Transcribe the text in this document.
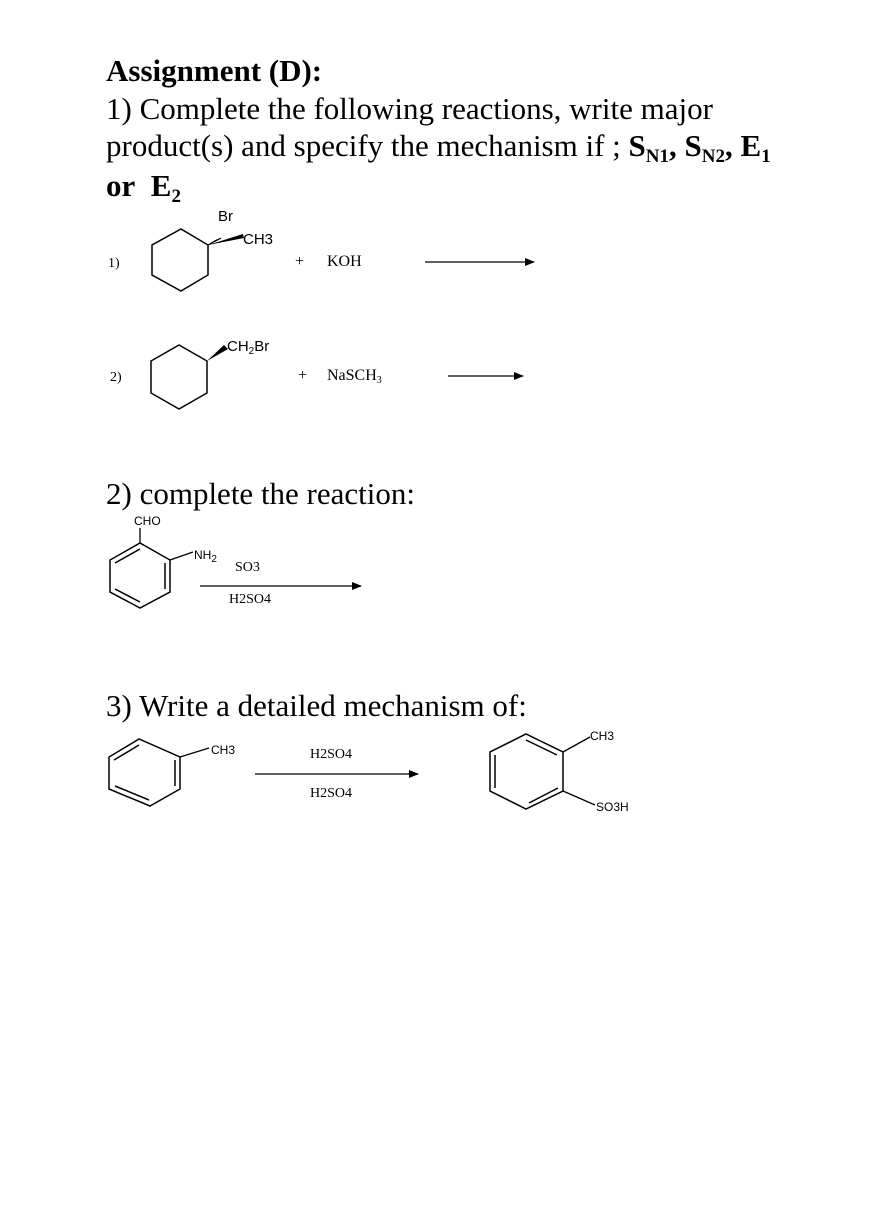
Assignment (D):
1) Complete the following reactions, write major
product(s) and specify the mechanism if ; $S_{N1}$, $S_{N2}$, $E_1$
or $E_2$
1)
Br
CH3
+ KOH
2)
$CH_2Br$
+ NaSCH$_3$
2) complete the reaction:
CHO
$NH_2$
SO3
H2SO4
3) Write a detailed mechanism of:
CH3	H2SO4
H2SO4
CH3
SO3H
